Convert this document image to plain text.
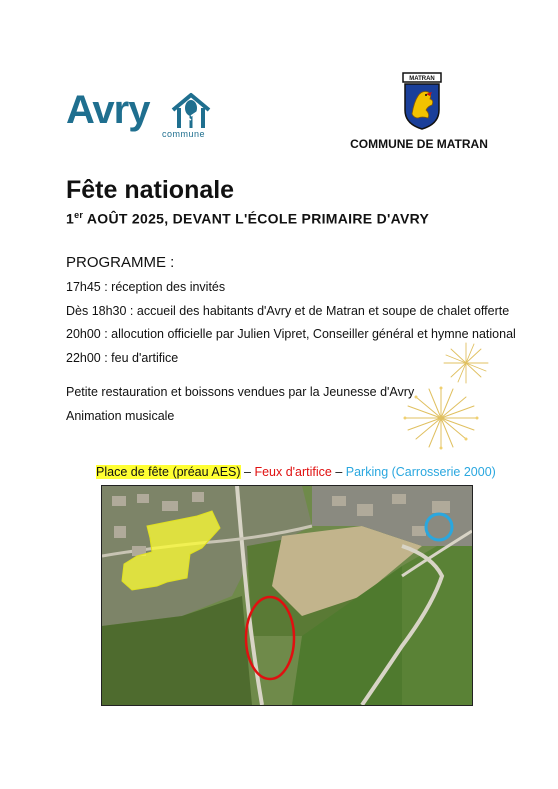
Avry
commune
MATRAN
COMMUNE DE MATRAN
Fête nationale
1er AOÛT 2025, DEVANT L'ÉCOLE PRIMAIRE D'AVRY
PROGRAMME :
17h45 : réception des invités
Dès 18h30 : accueil des habitants d'Avry et de Matran et soupe de chalet offerte
20h00 : allocution officielle par Julien Vipret, Conseiller général et hymne national
22h00 : feu d'artifice
Petite restauration et boissons vendues par la Jeunesse d'Avry
Animation musicale
Place de fête (préau AES) – Feux d'artifice – Parking (Carrosserie 2000)
